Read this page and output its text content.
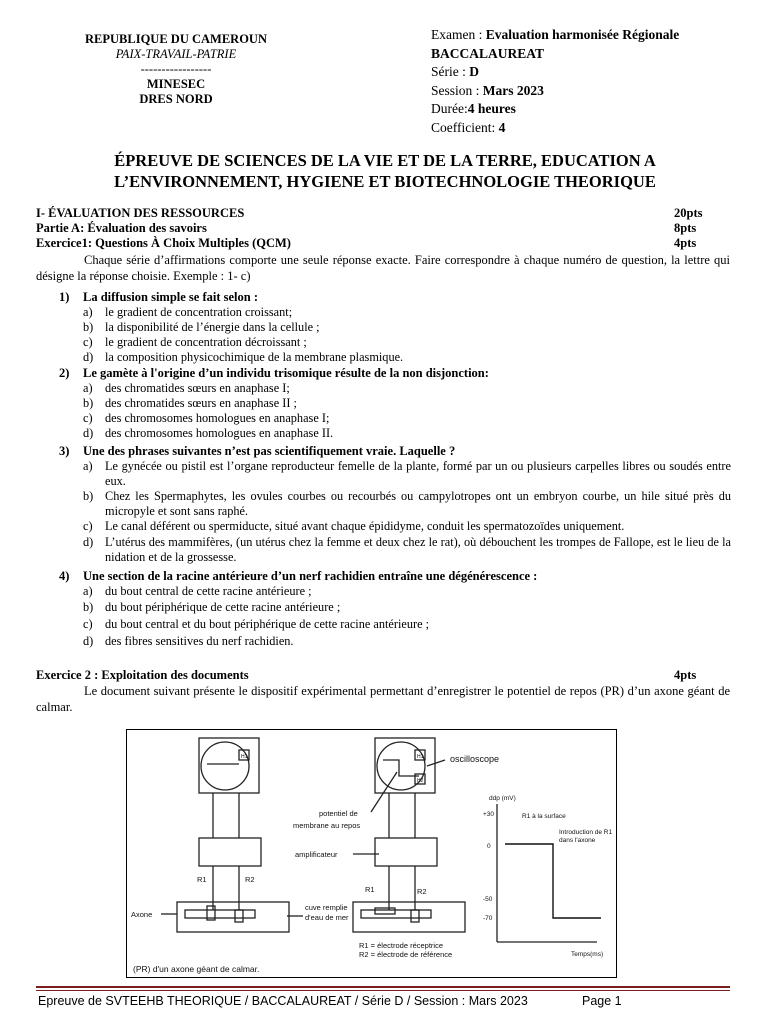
REPUBLIQUE DU CAMEROUN
PAIX-TRAVAIL-PATRIE
-----------------
MINESEC
DRES NORD
Examen : Evaluation harmonisée Régionale
BACCALAUREAT
Série : D
Session : Mars 2023
Durée:4 heures
Coefficient: 4
ÉPREUVE DE SCIENCES DE LA VIE ET DE LA TERRE, EDUCATION A
L’ENVIRONNEMENT, HYGIENE ET BIOTECHNOLOGIE THEORIQUE
I- ÉVALUATION DES RESSOURCES	20pts
Partie A: Évaluation des savoirs	8pts
Exercice1: Questions À Choix Multiples (QCM)	4pts
Chaque série d’affirmations comporte une seule réponse exacte. Faire correspondre à chaque numéro de question, la lettre qui désigne la réponse choisie. Exemple : 1- c)
1)	La diffusion simple se fait selon :
a)	le gradient de concentration croissant;
b) la disponibilité de l’énergie dans la cellule ;
c)	le gradient de concentration décroissant ;
d) la composition physicochimique de la membrane plasmique.
2)	Le gamète à l'origine d’un individu trisomique résulte de la non disjonction:
a)	des chromatides sœurs en anaphase I;
b) des chromatides sœurs en anaphase II ;
c)	des chromosomes homologues en anaphase I;
d) des chromosomes homologues en anaphase II.
3)	Une des phrases suivantes n’est pas scientifiquement vraie. Laquelle ?
a)	Le gynécée ou pistil est l’organe reproducteur femelle de la plante, formé par un ou plusieurs carpelles libres ou soudés entre eux.
b) Chez les Spermaphytes, les ovules courbes ou recourbés ou campylotropes ont un embryon courbe, un hile situé près du micropyle et sont sans raphé.
c)	Le canal déférent ou spermiducte, situé avant chaque épididyme, conduit les spermatozoïdes uniquement.
d) L’utérus des mammifères, (un utérus chez la femme et deux chez le rat), où débouchent les trompes de Fallope, est le lieu de la nidation et de la grossesse.
4)	Une section de la racine antérieure d’un nerf rachidien entraîne une dégénérescence :
a)	du bout central de cette racine antérieure ;
b) du bout périphérique de cette racine antérieure ;
c)	du bout central et du bout périphérique de cette racine antérieure ;
d) des fibres sensitives du nerf rachidien.
Exercice 2 : Exploitation des documents	4pts
Le document suivant présente le dispositif expérimental permettant d’enregistrer le potentiel de repos (PR) d’un axone géant de calmar.
oscilloscope
potentiel de
membrane au repos
amplificateur
R1	R2
R1	R2
Axone
cuve remplie
d'eau de mer
R1 = électrode réceptrice
R2 = électrode de référence
(PR) d'un axone géant de calmar.
H1	H1
H2
ddp (mV)
Temps(ms)
+30
0
-50
-70
R1 à la surface
Introduction de R1
dans l'axone
Epreuve de SVTEEHB THEORIQUE / BACCALAUREAT / Série D / Session : Mars 2023	Page 1
